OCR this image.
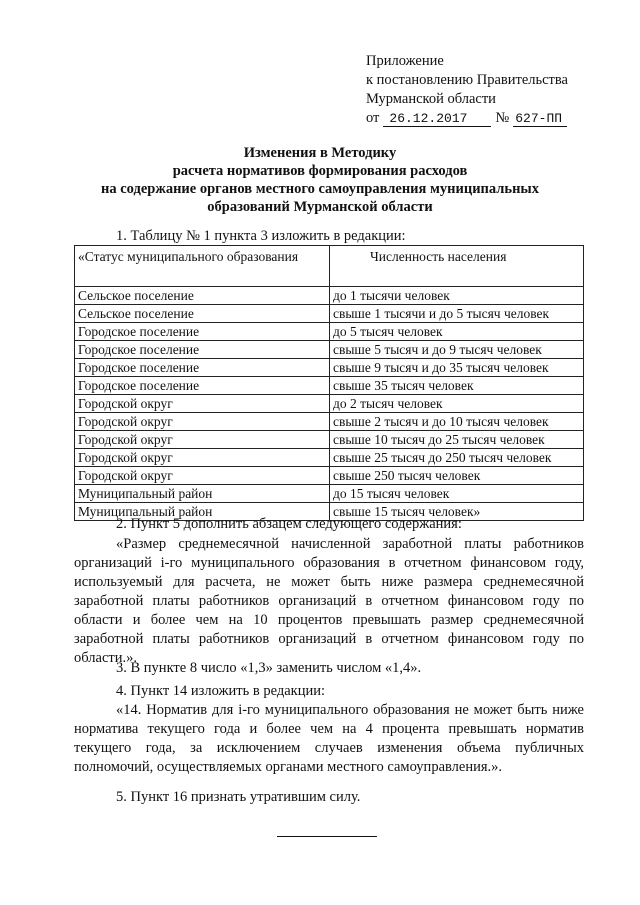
Приложение
к постановлению Правительства
Мурманской области
от 26.12.2017	№ 627-ПП
Изменения в Методику
расчета нормативов формирования расходов
на содержание органов местного самоуправления муниципальных
образований Мурманской области
1. Таблицу № 1 пункта 3 изложить в редакции:
«Статус муниципального образования	Численность населения
Сельское поселение	до 1 тысячи человек
Сельское поселение	свыше 1 тысячи и до 5 тысяч человек
Городское поселение	до 5 тысяч человек
Городское поселение	свыше 5 тысяч и до 9 тысяч человек
Городское поселение	свыше 9 тысяч и до 35 тысяч человек
Городское поселение	свыше 35 тысяч человек
Городской округ	до 2 тысяч человек
Городской округ	свыше 2 тысяч и до 10 тысяч человек
Городской округ	свыше 10 тысяч до 25 тысяч человек
Городской округ	свыше 25 тысяч до 250 тысяч человек
Городской округ	свыше 250 тысяч человек
Муниципальный район	до 15 тысяч человек
Муниципальный район	свыше 15 тысяч человек»
2. Пункт 5 дополнить абзацем следующего содержания:
«Размер среднемесячной начисленной заработной платы работников организаций i-го муниципального образования в отчетном финансовом году, используемый для расчета, не может быть ниже размера среднемесячной заработной платы работников организаций в отчетном финансовом году по области и более чем на 10 процентов превышать размер среднемесячной заработной платы работников организаций в отчетном финансовом году по области.».
3. В пункте 8 число «1,3» заменить числом «1,4».
4. Пункт 14 изложить в редакции:
«14. Норматив для i-го муниципального образования не может быть ниже норматива текущего года и более чем на 4 процента превышать норматив текущего года, за исключением случаев изменения объема публичных полномочий, осуществляемых органами местного самоуправления.».
5. Пункт 16 признать утратившим силу.
